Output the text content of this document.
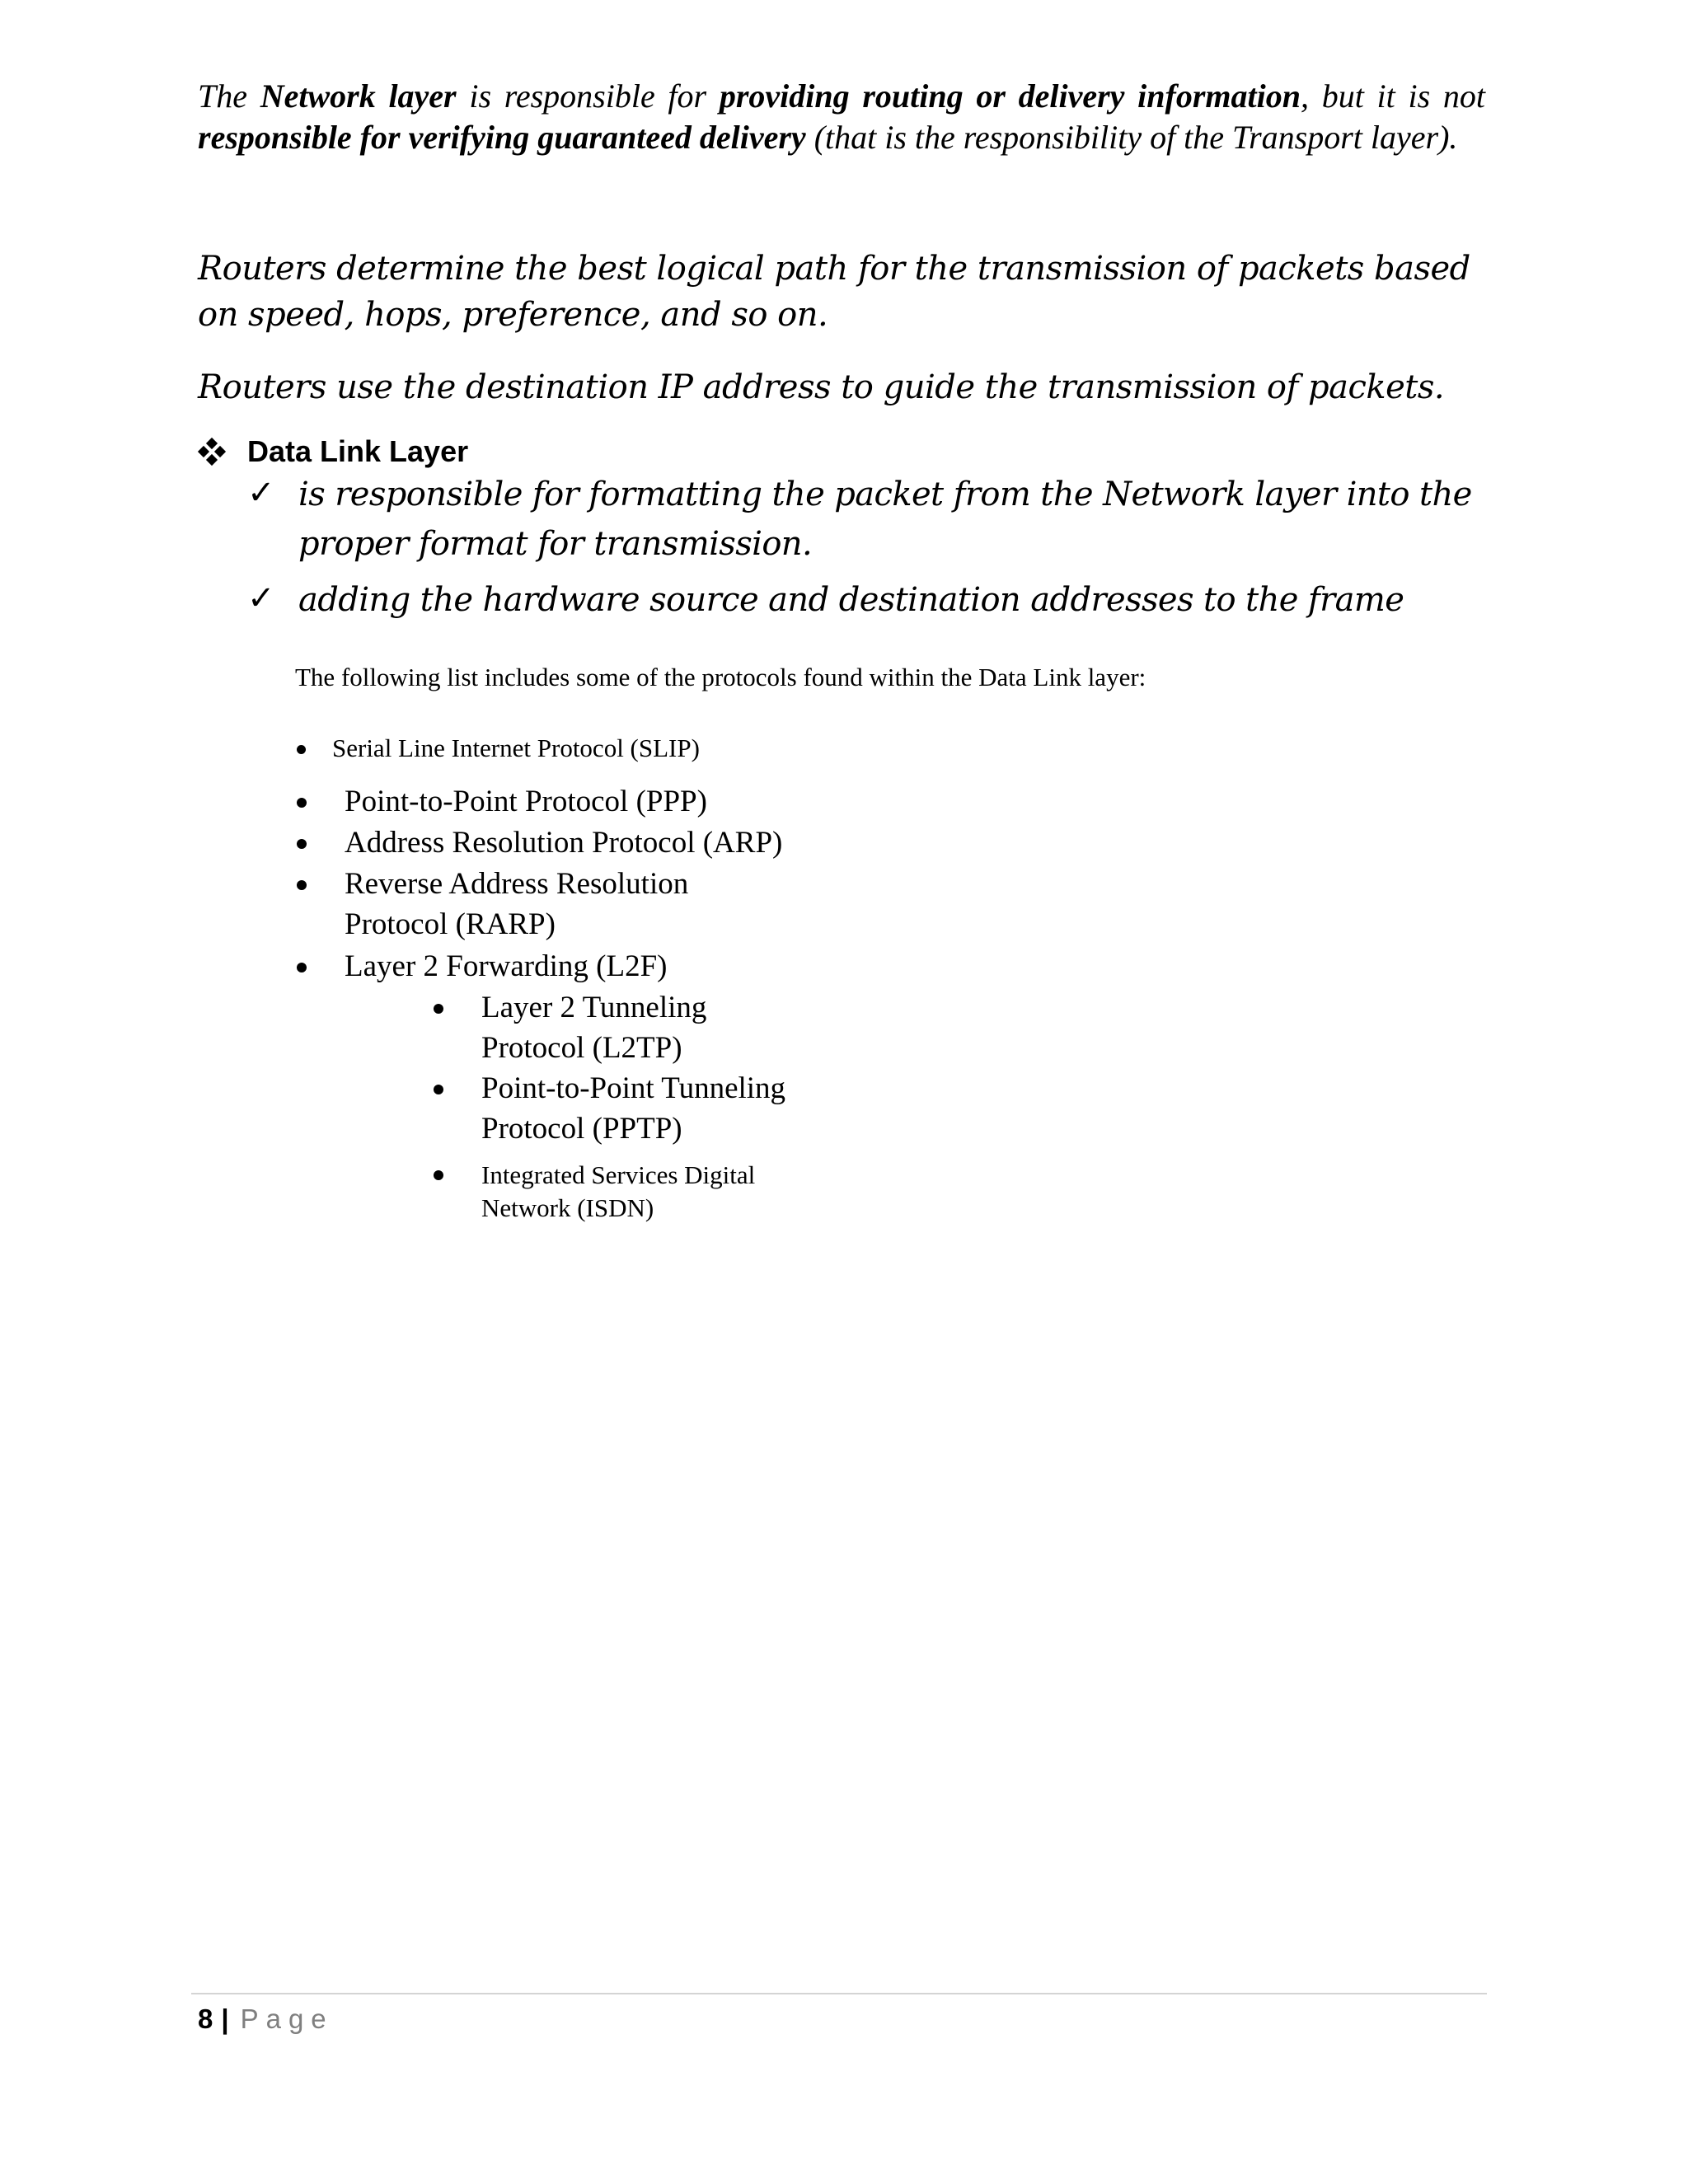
The Network layer is responsible for providing routing or delivery information, but it is not responsible for verifying guaranteed delivery (that is the responsibility of the Transport layer).

Routers determine the best logical path for the transmission of packets based on speed, hops, preference, and so on.

Routers use the destination IP address to guide the transmission of packets.

Data Link Layer
✓ is responsible for formatting the packet from the Network layer into the proper format for transmission.
✓ adding the hardware source and destination addresses to the frame

The following list includes some of the protocols found within the Data Link layer:

Serial Line Internet Protocol (SLIP)
Point-to-Point Protocol (PPP)
Address Resolution Protocol (ARP)
Reverse Address Resolution Protocol (RARP)
Layer 2 Forwarding (L2F)
Layer 2 Tunneling Protocol (L2TP)
Point-to-Point Tunneling Protocol (PPTP)
Integrated Services Digital Network (ISDN)
8 | Page
